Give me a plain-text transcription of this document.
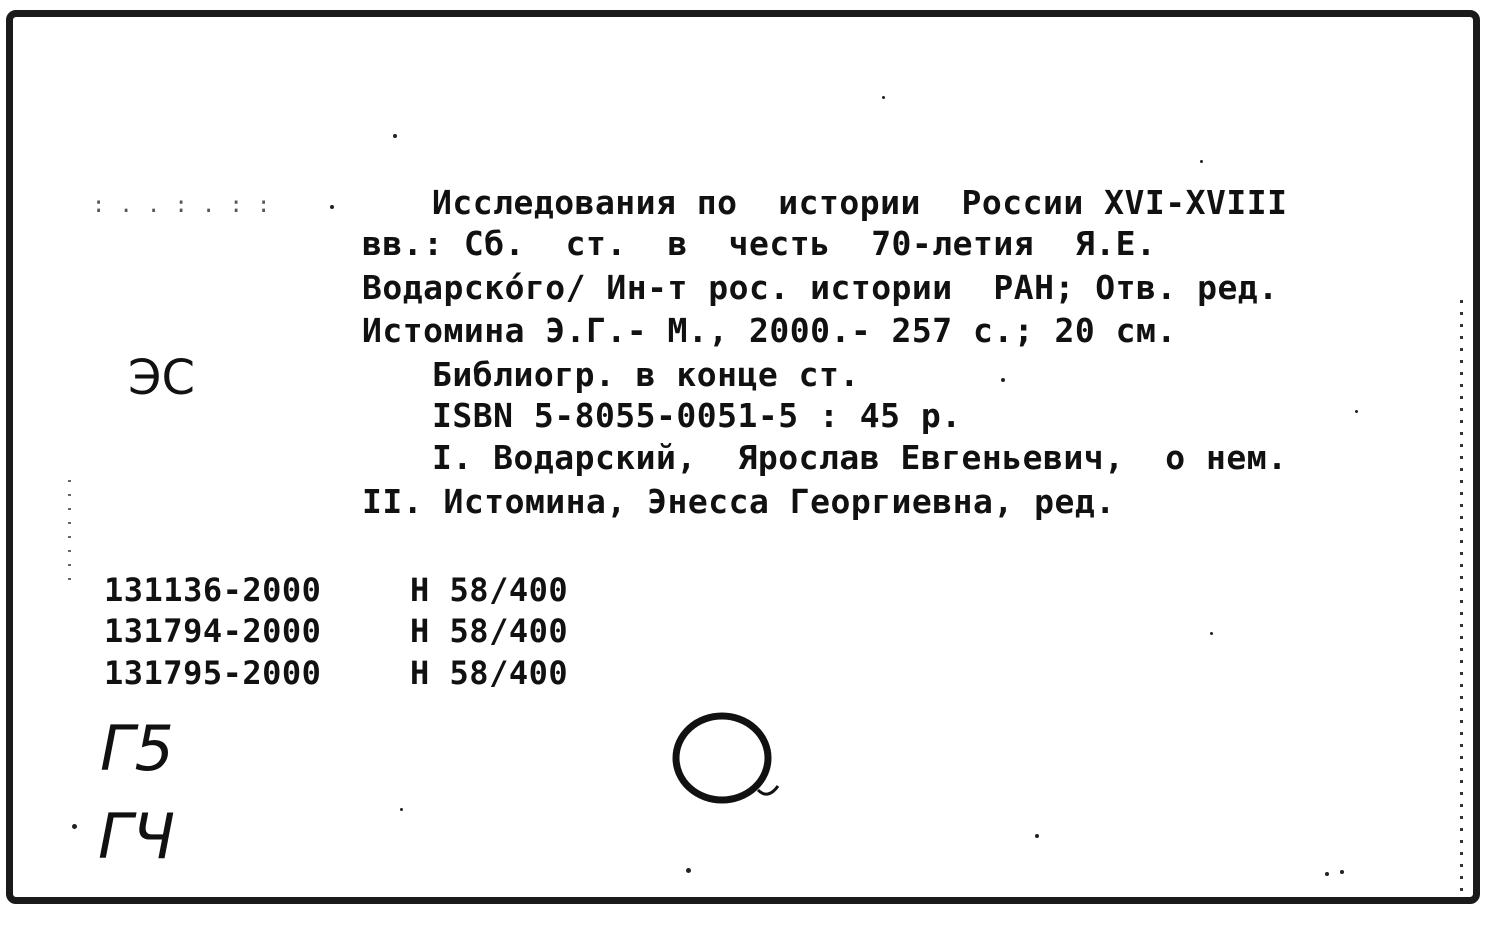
: . . : . : :	Исследования по  истории  России XVI-XVIII
вв.: Сб.  ст.  в  честь  70-летия  Я.Е.
Водарскóго/ Ин-т рос. истории  РАН; Отв. ред.
Истомина Э.Г.- М., 2000.- 257 с.; 20 см.
Библиогр. в конце ст.
ISBN 5-8055-0051-5 : 45 р.
I. Водарский,  Ярослав Евгеньевич,  о нем.
II. Истомина, Энесса Георгиевна, ред.
131136-2000	Н 58/400
131794-2000	Н 58/400
131795-2000	Н 58/400
ЭС
Г5
ГЧ
